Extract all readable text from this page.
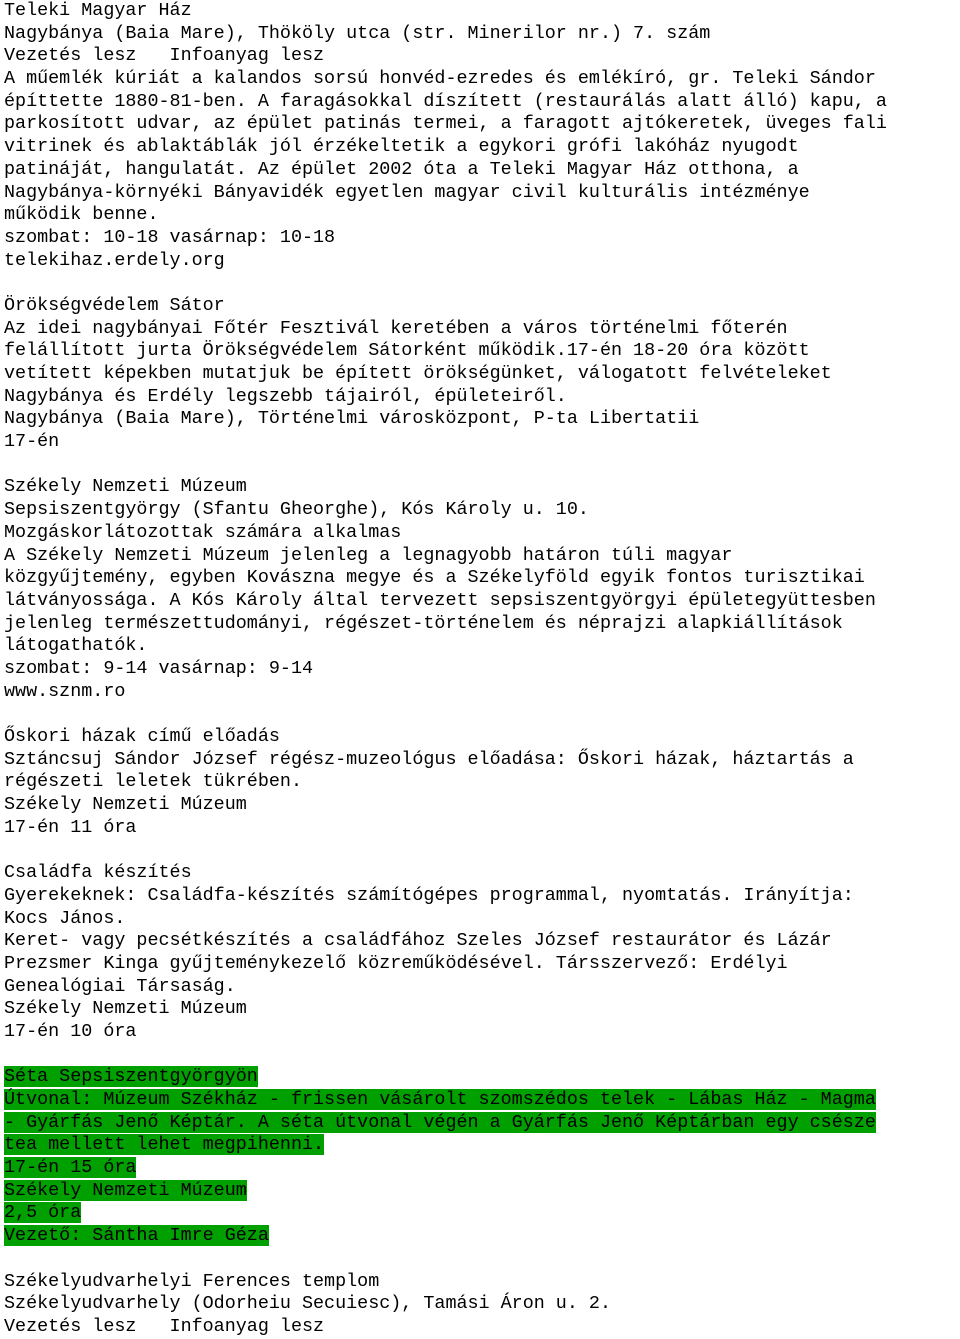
Teleki Magyar Ház
Nagybánya (Baia Mare), Thököly utca (str. Minerilor nr.) 7. szám
Vezetés lesz   Infoanyag lesz
A műemlék kúriát a kalandos sorsú honvéd-ezredes és emlékíró, gr. Teleki Sándor
építtette 1880-81-ben. A faragásokkal díszített (restaurálás alatt álló) kapu, a
parkosított udvar, az épület patinás termei, a faragott ajtókeretek, üveges fali
vitrinek és ablaktáblák jól érzékeltetik a egykori grófi lakóház nyugodt
patináját, hangulatát. Az épület 2002 óta a Teleki Magyar Ház otthona, a
Nagybánya-környéki Bányavidék egyetlen magyar civil kulturális intézménye
működik benne.
szombat: 10-18 vasárnap: 10-18
telekihaz.erdely.org
Örökségvédelem Sátor
Az idei nagybányai Főtér Fesztivál keretében a város történelmi főterén
felállított jurta Örökségvédelem Sátorként működik.17-én 18-20 óra között
vetített képekben mutatjuk be épített örökségünket, válogatott felvételeket
Nagybánya és Erdély legszebb tájairól, épületeiről.
Nagybánya (Baia Mare), Történelmi városközpont, P-ta Libertatii
17-én
Székely Nemzeti Múzeum
Sepsiszentgyörgy (Sfantu Gheorghe), Kós Károly u. 10.
Mozgáskorlátozottak számára alkalmas
A Székely Nemzeti Múzeum jelenleg a legnagyobb határon túli magyar
közgyűjtemény, egyben Kovászna megye és a Székelyföld egyik fontos turisztikai
látványossága. A Kós Károly által tervezett sepsiszentgyörgyi épületegyüttesben
jelenleg természettudományi, régészet-történelem és néprajzi alapkiállítások
látogathatók.
szombat: 9-14 vasárnap: 9-14
www.sznm.ro
Őskori házak című előadás
Sztáncsuj Sándor József régész-muzeológus előadása: Őskori házak, háztartás a
régészeti leletek tükrében.
Székely Nemzeti Múzeum
17-én 11 óra
Családfa készítés
Gyerekeknek: Családfa-készítés számítógépes programmal, nyomtatás. Irányítja:
Kocs János.
Keret- vagy pecsétkészítés a családfához Szeles József restaurátor és Lázár
Prezsmer Kinga gyűjteménykezelő közreműködésével. Társszervező: Erdélyi
Genealógiai Társaság.
Székely Nemzeti Múzeum
17-én 10 óra
Séta Sepsiszentgyörgyön
Útvonal: Múzeum Székház - frissen vásárolt szomszédos telek - Lábas Ház - Magma
- Gyárfás Jenő Képtár. A séta útvonal végén a Gyárfás Jenő Képtárban egy csésze
tea mellett lehet megpihenni.
17-én 15 óra
Székely Nemzeti Múzeum
2,5 óra
Vezető: Sántha Imre Géza
Székelyudvarhelyi Ferences templom
Székelyudvarhely (Odorheiu Secuiesc), Tamási Áron u. 2.
Vezetés lesz   Infoanyag lesz
